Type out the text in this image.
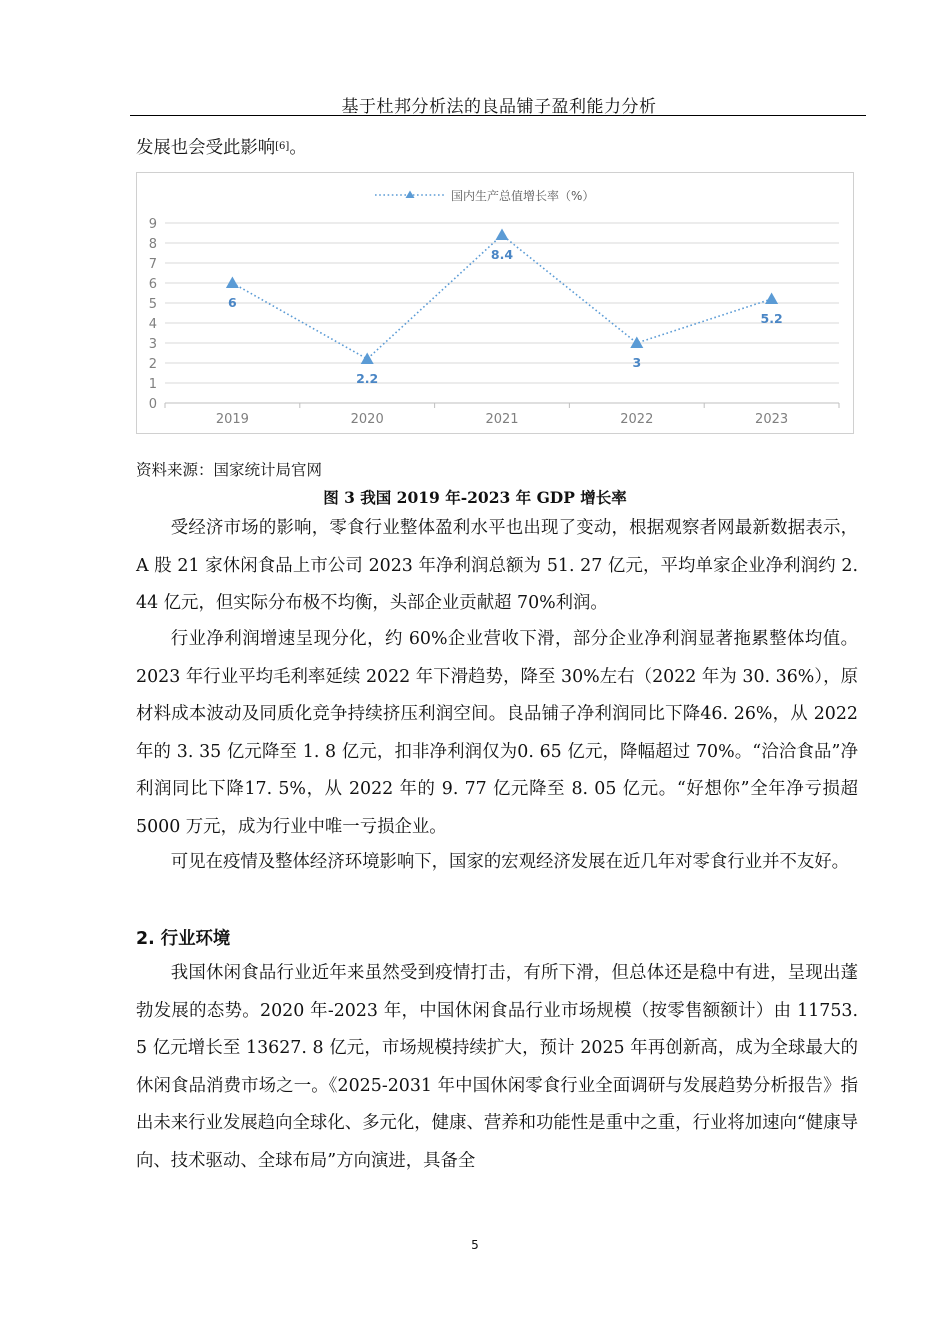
基于杜邦分析法的良品铺子盈利能力分析

发展也会受此影响[6]。

国内生产总值增长率（%）
0
1
2
3
4
5
6
7
8
9
2019	2020	2021	2022	2023
6
2.2
8.4
3
5.2
资料来源：国家统计局官网
图 3 我国 2019 年-2023 年 GDP 增长率

受经济市场的影响，零食行业整体盈利水平也出现了变动，根据观察者网最新数据表示，A 股 21 家休闲食品上市公司 2023 年净利润总额为 51. 27 亿元，平均单家企业净利润约 2. 44 亿元，但实际分布极不均衡，头部企业贡献超 70%利润。

行业净利润增速呈现分化，约 60%企业营收下滑，部分企业净利润显著拖累整体均值。2023 年行业平均毛利率延续 2022 年下滑趋势，降至 30%左右（2022 年为 30. 36%），原材料成本波动及同质化竞争持续挤压利润空间。良品铺子净利润同比下降46. 26%，从 2022 年的 3. 35 亿元降至 1. 8 亿元，扣非净利润仅为0. 65 亿元，降幅超过 70%。“洽洽食品”净利润同比下降17. 5%，从 2022 年的 9. 77 亿元降至 8. 05 亿元。“好想你”全年净亏损超 5000 万元，成为行业中唯一亏损企业。

可见在疫情及整体经济环境影响下，国家的宏观经济发展在近几年对零食行业并不友好。

2. 行业环境

我国休闲食品行业近年来虽然受到疫情打击，有所下滑，但总体还是稳中有进，呈现出蓬勃发展的态势。2020 年-2023 年，中国休闲食品行业市场规模（按零售额额计）由 11753. 5 亿元增长至 13627. 8 亿元，市场规模持续扩大，预计 2025 年再创新高，成为全球最大的休闲食品消费市场之一。《2025-2031 年中国休闲零食行业全面调研与发展趋势分析报告》指出未来行业发展趋向全球化、多元化，健康、营养和功能性是重中之重，行业将加速向“健康导向、技术驱动、全球布局”方向演进，具备全

5
